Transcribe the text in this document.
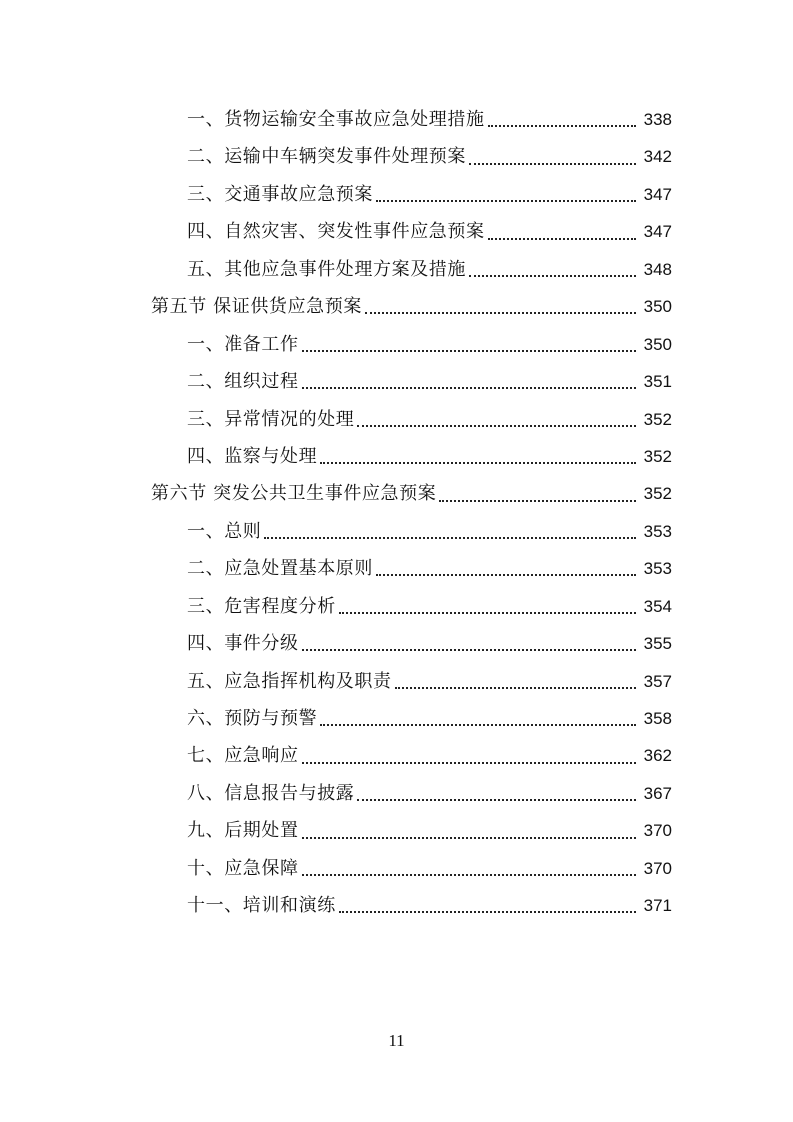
一、货物运输安全事故应急处理措施	338
二、运输中车辆突发事件处理预案	342
三、交通事故应急预案	347
四、自然灾害、突发性事件应急预案	347
五、其他应急事件处理方案及措施	348
第五节 保证供货应急预案	350
一、准备工作	350
二、组织过程	351
三、异常情况的处理	352
四、监察与处理	352
第六节 突发公共卫生事件应急预案	352
一、总则	353
二、应急处置基本原则	353
三、危害程度分析	354
四、事件分级	355
五、应急指挥机构及职责	357
六、预防与预警	358
七、应急响应	362
八、信息报告与披露	367
九、后期处置	370
十、应急保障	370
十一、培训和演练	371
11
